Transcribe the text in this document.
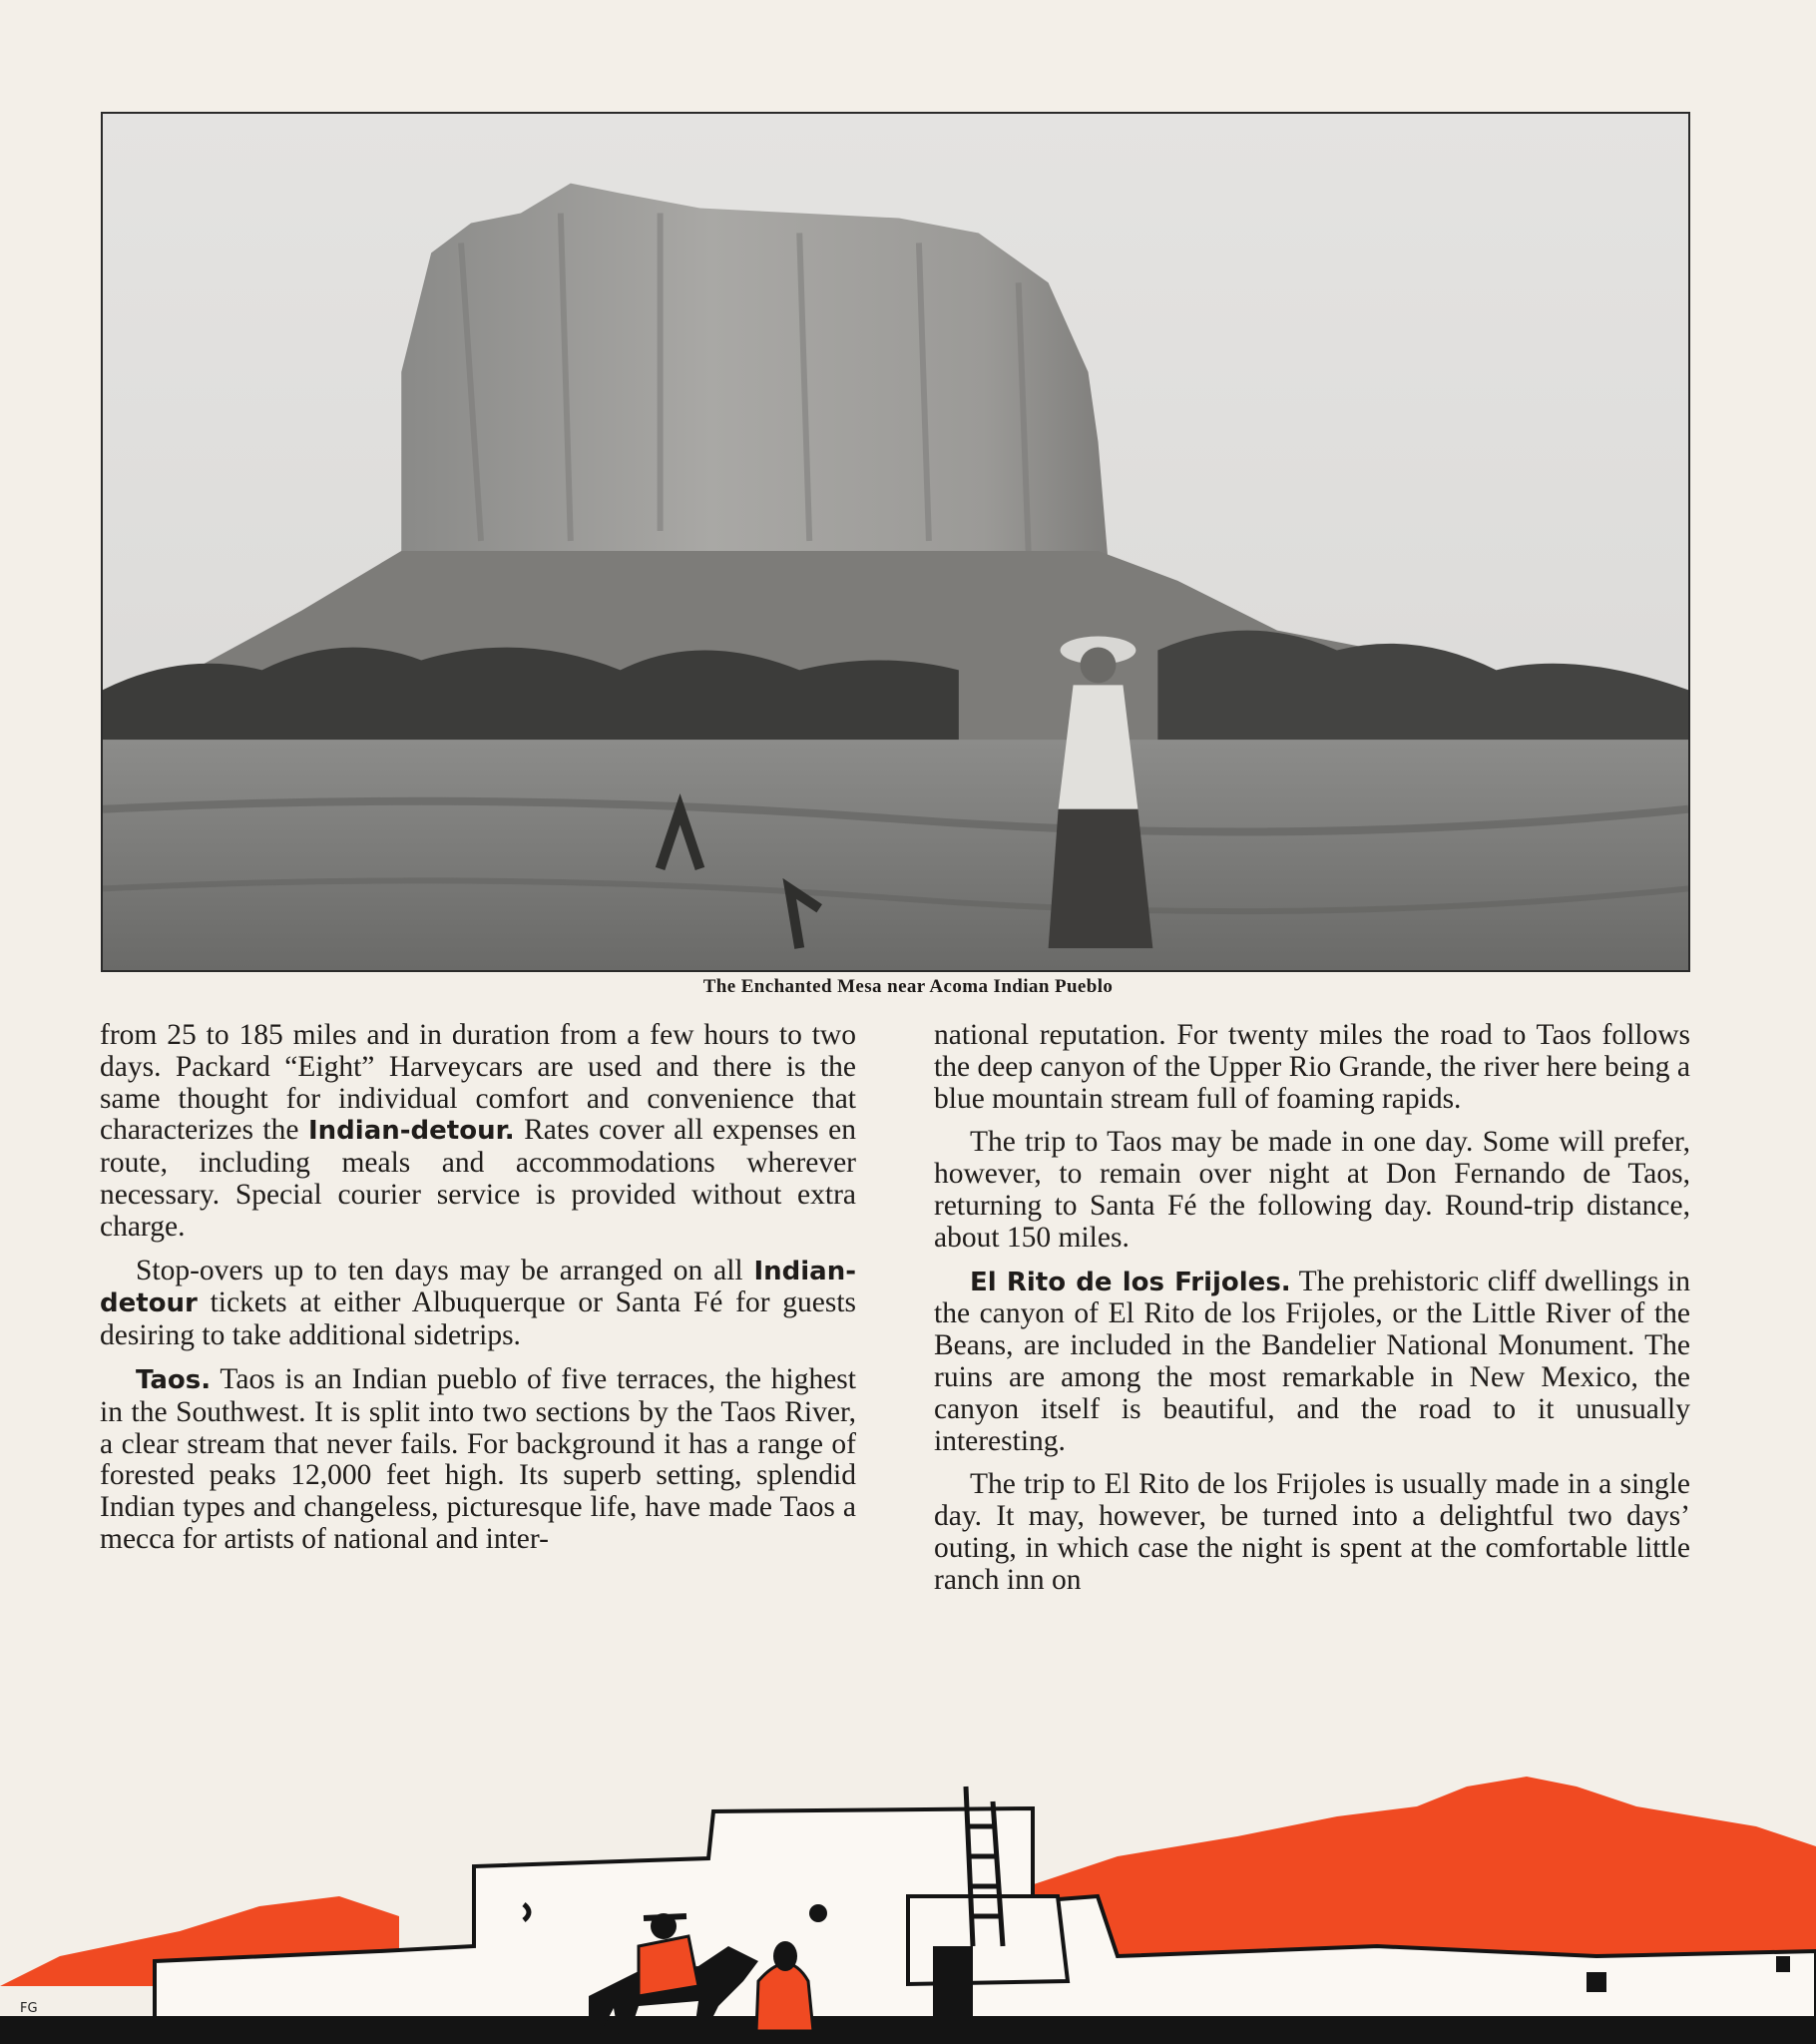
The Enchanted Mesa near Acoma Indian Pueblo

from 25 to 185 miles and in duration from a few hours to two days. Packard “Eight” Harveycars are used and there is the same thought for individual comfort and convenience that characterizes the Indian-detour. Rates cover all expenses en route, including meals and accommodations wherever necessary. Special courier service is provided without extra charge.

Stop-overs up to ten days may be arranged on all Indian-detour tickets at either Albuquerque or Santa Fé for guests desiring to take additional sidetrips.

Taos. Taos is an Indian pueblo of five terraces, the highest in the Southwest. It is split into two sections by the Taos River, a clear stream that never fails. For background it has a range of forested peaks 12,000 feet high. Its superb setting, splendid Indian types and changeless, picturesque life, have made Taos a mecca for artists of national and inter-

national reputation. For twenty miles the road to Taos follows the deep canyon of the Upper Rio Grande, the river here being a blue mountain stream full of foaming rapids.

The trip to Taos may be made in one day. Some will prefer, however, to remain over night at Don Fernando de Taos, returning to Santa Fé the following day. Round-trip distance, about 150 miles.

El Rito de los Frijoles. The prehistoric cliff dwellings in the canyon of El Rito de los Frijoles, or the Little River of the Beans, are included in the Bandelier National Monument. The ruins are among the most remarkable in New Mexico, the canyon itself is beautiful, and the road to it unusually interesting.

The trip to El Rito de los Frijoles is usually made in a single day. It may, however, be turned into a delightful two days’ outing, in which case the night is spent at the comfortable little ranch inn on

FG
